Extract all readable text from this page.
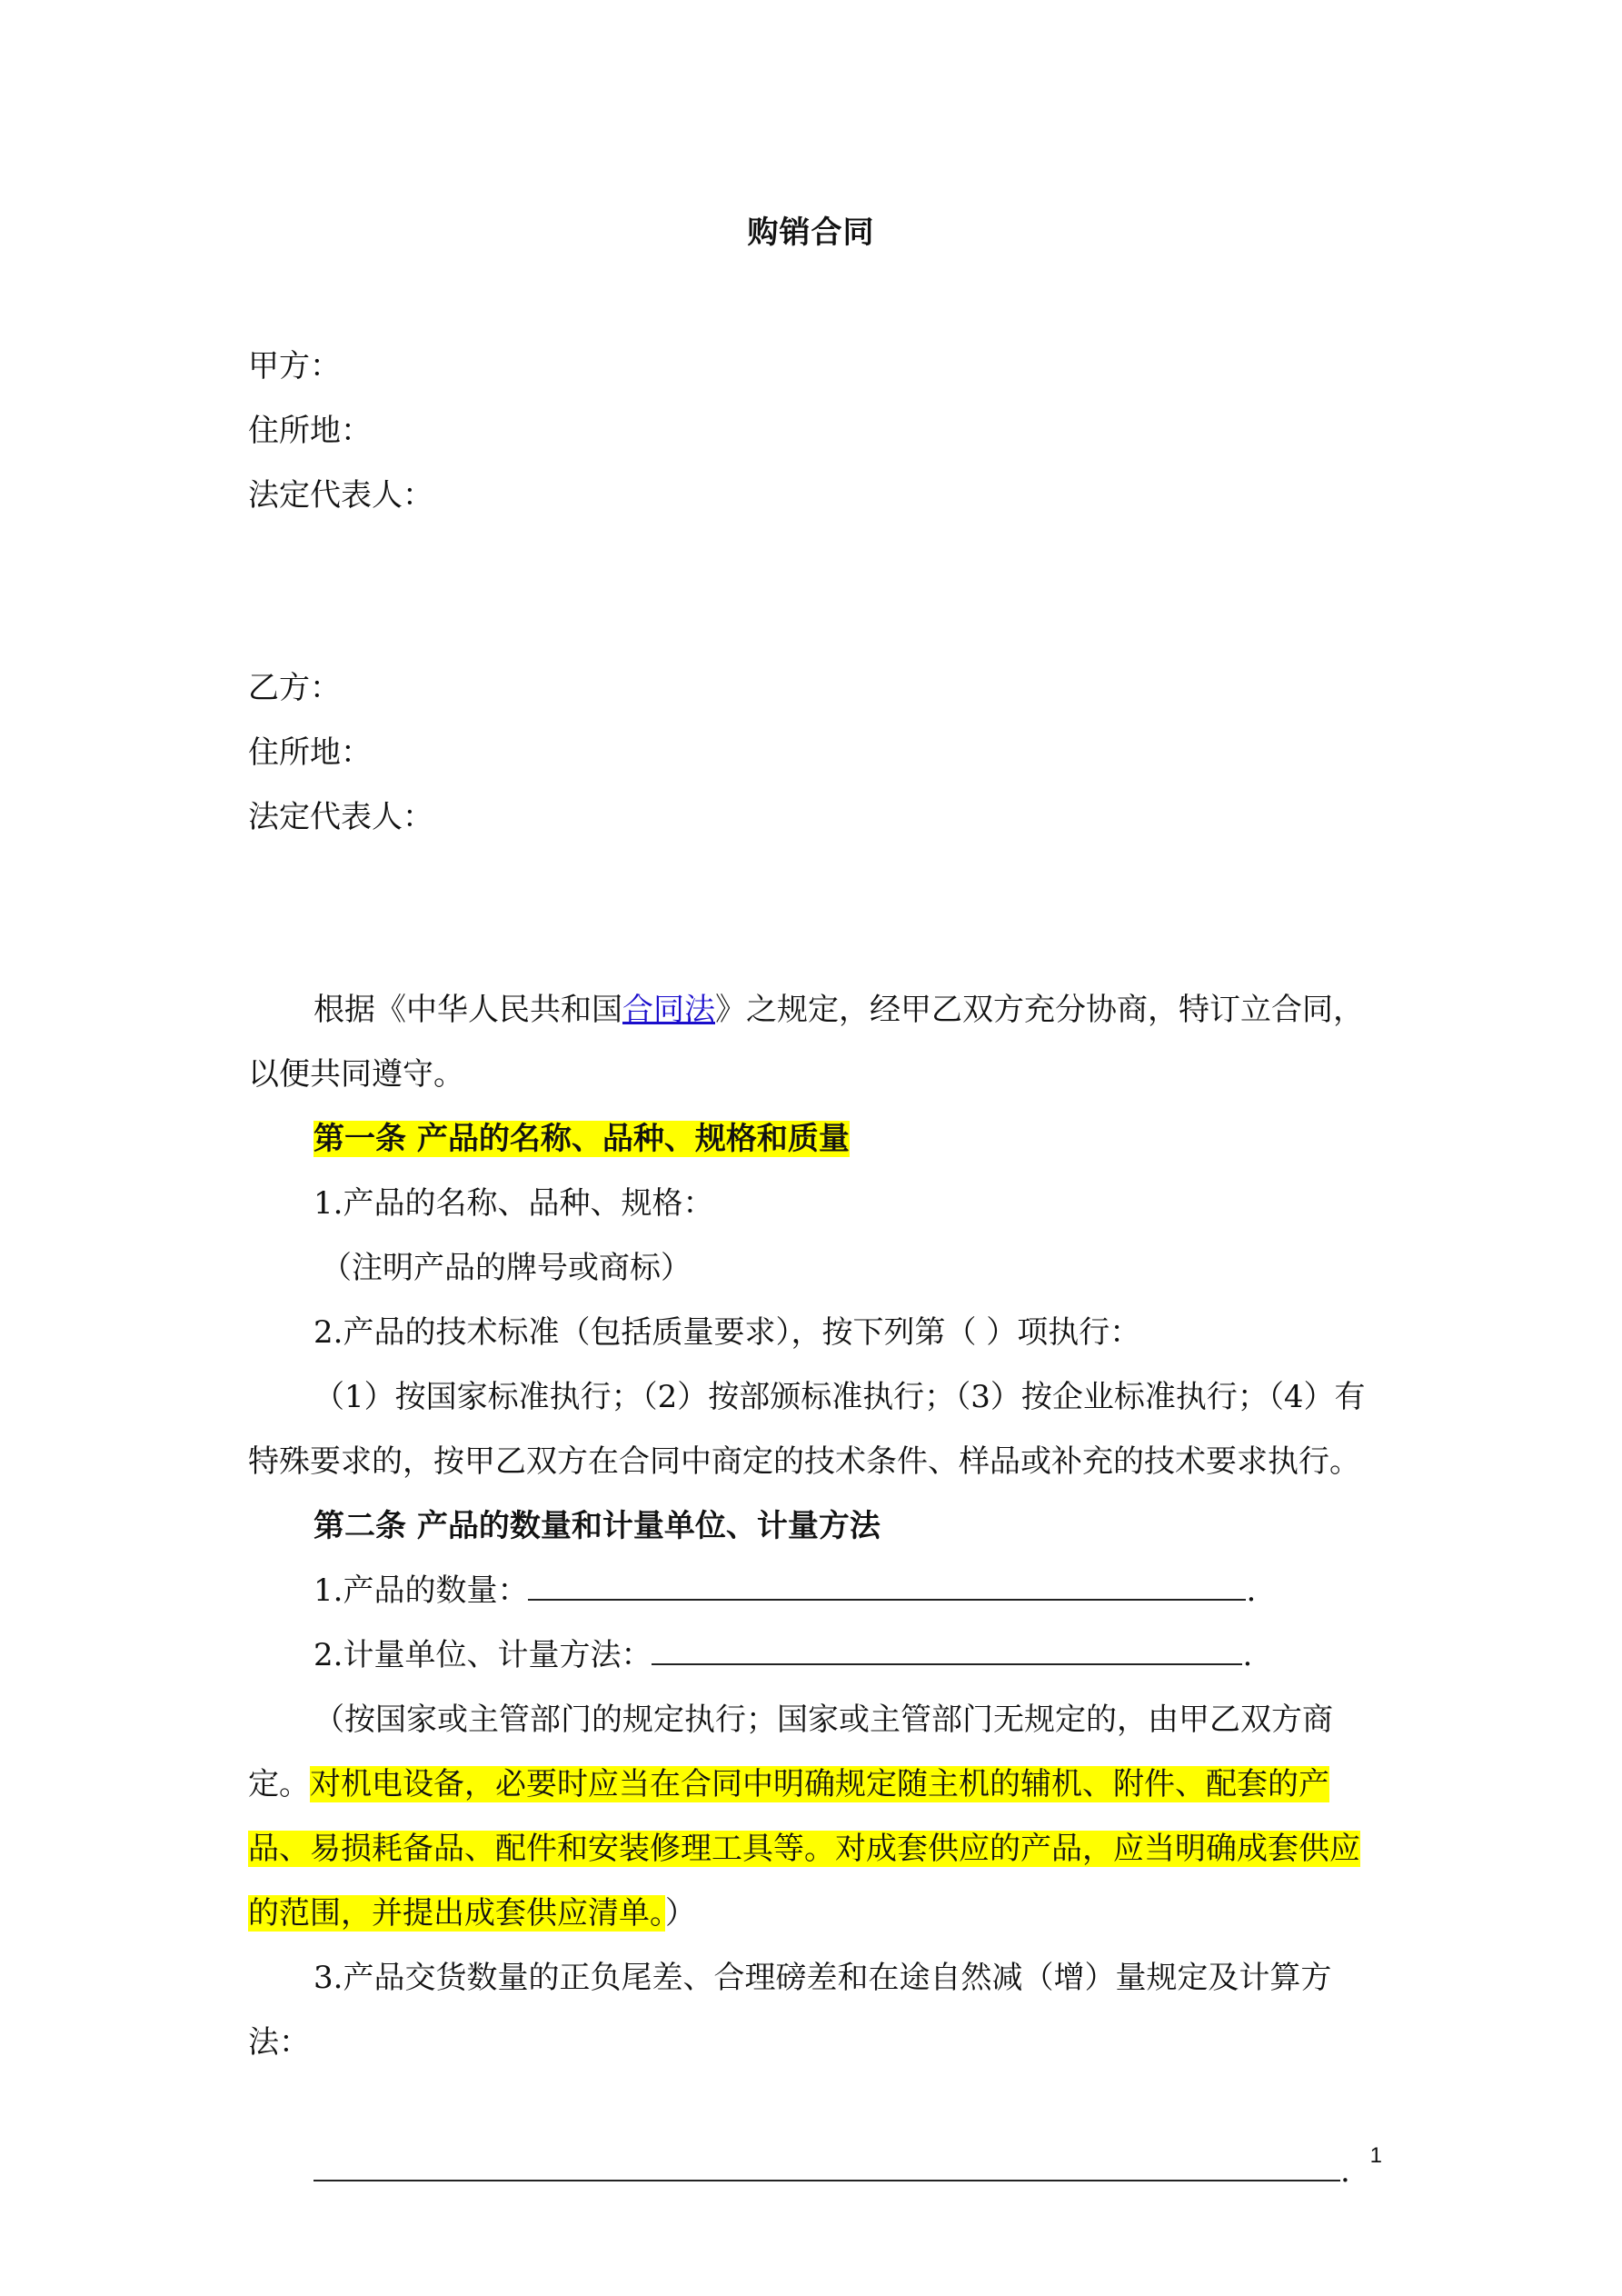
购销合同

甲方：

住所地：

法定代表人：

乙方：

住所地：

法定代表人：

根据《中华人民共和国合同法》之规定，经甲乙双方充分协商，特订立合同，以便共同遵守。

第一条 产品的名称、品种、规格和质量

1.产品的名称、品种、规格：

（注明产品的牌号或商标）

2.产品的技术标准（包括质量要求），按下列第（ ）项执行：

（1）按国家标准执行；（2）按部颁标准执行；（3）按企业标准执行；（4）有特殊要求的，按甲乙双方在合同中商定的技术条件、样品或补充的技术要求执行。

第二条 产品的数量和计量单位、计量方法

1.产品的数量：	.

2.计量单位、计量方法：	.

（按国家或主管部门的规定执行；国家或主管部门无规定的，由甲乙双方商定。对机电设备，必要时应当在合同中明确规定随主机的辅机、附件、配套的产品、易损耗备品、配件和安装修理工具等。对成套供应的产品，应当明确成套供应的范围，并提出成套供应清单。）

3.产品交货数量的正负尾差、合理磅差和在途自然减（增）量规定及计算方法：

. 1
